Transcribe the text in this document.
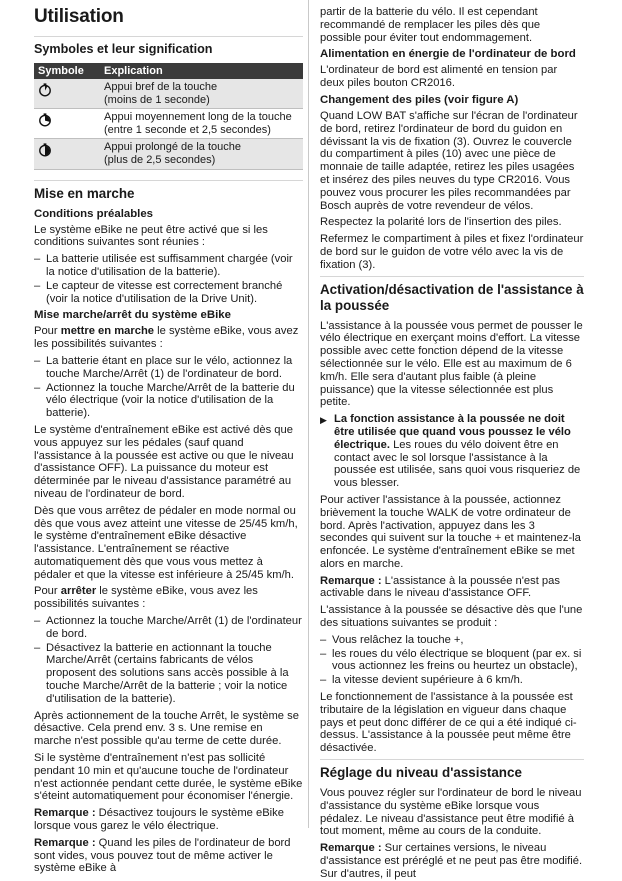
Utilisation
Symboles et leur signification
Symbole	Explication
	Appui bref de la touche
(moins de 1 seconde)
	Appui moyennement long de la touche
(entre 1 seconde et 2,5 secondes)
	Appui prolongé de la touche
(plus de 2,5 secondes)
Mise en marche
Conditions préalables

Le système eBike ne peut être activé que si les conditions suivantes sont réunies :

– La batterie utilisée est suffisamment chargée (voir la notice d'utilisation de la batterie).
– Le capteur de vitesse est correctement branché (voir la notice d'utilisation de la Drive Unit).
Mise marche/arrêt du système eBike

Pour mettre en marche le système eBike, vous avez les possibilités suivantes :

– La batterie étant en place sur le vélo, actionnez la touche Marche/Arrêt (1) de l'ordinateur de bord.
– Actionnez la touche Marche/Arrêt de la batterie du vélo électrique (voir la notice d'utilisation de la batterie).

Le système d'entraînement eBike est activé dès que vous appuyez sur les pédales (sauf quand l'assistance à la poussée est active ou que le niveau d'assistance OFF). La puissance du moteur est déterminée par le niveau d'assistance paramétré au niveau de l'ordinateur de bord.

Dès que vous arrêtez de pédaler en mode normal ou dès que vous avez atteint une vitesse de 25/45 km/h, le système d'entraînement eBike désactive l'assistance. L'entraînement se réactive automatiquement dès que vous vous mettez à pédaler et que la vitesse est inférieure à 25/45 km/h.

Pour arrêter le système eBike, vous avez les possibilités suivantes :

– Actionnez la touche Marche/Arrêt (1) de l'ordinateur de bord.
– Désactivez la batterie en actionnant la touche Marche/Arrêt (certains fabricants de vélos proposent des solutions sans accès possible à la touche Marche/Arrêt de la batterie ; voir la notice d'utilisation de la batterie).

Après actionnement de la touche Arrêt, le système se désactive. Cela prend env. 3 s. Une remise en marche n'est possible qu'au terme de cette durée.

Si le système d'entraînement n'est pas sollicité pendant 10 min et qu'aucune touche de l'ordinateur n'est actionnée pendant cette durée, le système eBike s'éteint automatiquement pour économiser l'énergie.

Remarque : Désactivez toujours le système eBike lorsque vous garez le vélo électrique.

Remarque : Quand les piles de l'ordinateur de bord sont vides, vous pouvez tout de même activer le système eBike à

partir de la batterie du vélo. Il est cependant recommandé de remplacer les piles dès que possible pour éviter tout endommagement.

Alimentation en énergie de l'ordinateur de bord

L'ordinateur de bord est alimenté en tension par deux piles bouton CR2016.

Changement des piles (voir figure A)

Quand LOW BAT s'affiche sur l'écran de l'ordinateur de bord, retirez l'ordinateur de bord du guidon en dévissant la vis de fixation (3). Ouvrez le couvercle du compartiment à piles (10) avec une pièce de monnaie de taille adaptée, retirez les piles usagées et insérez des piles neuves du type CR2016. Vous pouvez vous procurer les piles recommandées par Bosch auprès de votre revendeur de vélos.

Respectez la polarité lors de l'insertion des piles.

Refermez le compartiment à piles et fixez l'ordinateur de bord sur le guidon de votre vélo avec la vis de fixation (3).

Activation/désactivation de l'assistance à la poussée

L'assistance à la poussée vous permet de pousser le vélo électrique en exerçant moins d'effort. La vitesse possible avec cette fonction dépend de la vitesse sélectionnée sur le vélo. Elle est au maximum de 6 km/h. Elle sera d'autant plus faible (à pleine puissance) que la vitesse sélectionnée est plus petite.

▶ La fonction assistance à la poussée ne doit être utilisée que quand vous poussez le vélo électrique. Les roues du vélo doivent être en contact avec le sol lorsque l'assistance à la poussée est utilisée, sans quoi vous risqueriez de vous blesser.

Pour activer l'assistance à la poussée, actionnez brièvement la touche WALK de votre ordinateur de bord. Après l'activation, appuyez dans les 3 secondes qui suivent sur la touche + et maintenez-la enfoncée. Le système d'entraînement eBike se met alors en marche.

Remarque : L'assistance à la poussée n'est pas activable dans le niveau d'assistance OFF.

L'assistance à la poussée se désactive dès que l'une des situations suivantes se produit :

– Vous relâchez la touche +,
– les roues du vélo électrique se bloquent (par ex. si vous actionnez les freins ou heurtez un obstacle),
– la vitesse devient supérieure à 6 km/h.

Le fonctionnement de l'assistance à la poussée est tributaire de la législation en vigueur dans chaque pays et peut donc différer de ce qui a été indiqué ci-dessus. L'assistance à la poussée peut même être désactivée.

Réglage du niveau d'assistance

Vous pouvez régler sur l'ordinateur de bord le niveau d'assistance du système eBike lorsque vous pédalez. Le niveau d'assistance peut être modifié à tout moment, même au cours de la conduite.

Remarque : Sur certaines versions, le niveau d'assistance est préréglé et ne peut pas être modifié. Sur d'autres, il peut
